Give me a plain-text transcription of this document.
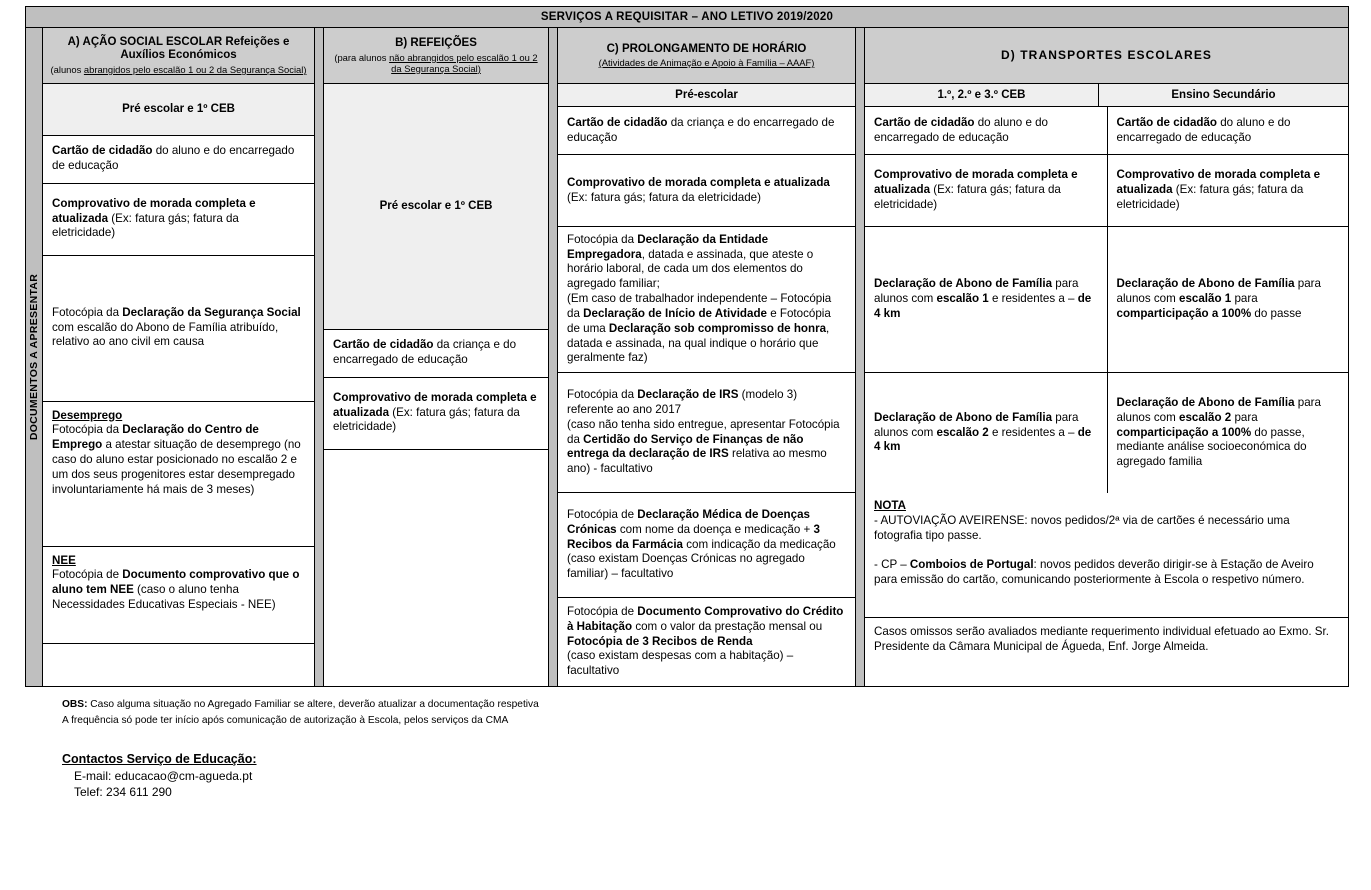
SERVIÇOS A REQUISITAR – ANO LETIVO 2019/2020
DOCUMENTOS A APRESENTAR
A) AÇÃO SOCIAL ESCOLAR Refeições e Auxílios Económicos
(alunos abrangidos pelo escalão 1 ou 2 da Segurança Social)
Pré escolar e 1º CEB

Cartão de cidadão do aluno e do encarregado de educação

Comprovativo de morada completa e atualizada (Ex: fatura gás; fatura da eletricidade)

Fotocópia da Declaração da Segurança Social com escalão do Abono de Família atribuído, relativo ao ano civil em causa

Desemprego

Fotocópia da Declaração do Centro de Emprego a atestar situação de desemprego (no caso do aluno estar posicionado no escalão 2 e um dos seus progenitores estar desempregado involuntariamente há mais de 3 meses)

NEE

Fotocópia de Documento comprovativo que o aluno tem NEE (caso o aluno tenha Necessidades Educativas Especiais - NEE)

B) REFEIÇÕES
(para alunos não abrangidos pelo escalão 1 ou 2 da Segurança Social)
Pré escolar e 1º CEB

Cartão de cidadão da criança e do encarregado de educação

Comprovativo de morada completa e atualizada (Ex: fatura gás; fatura da eletricidade)

C) PROLONGAMENTO DE HORÁRIO
(Atividades de Animação e Apoio à Família – AAAF)
Pré-escolar

Cartão de cidadão da criança e do encarregado de educação

Comprovativo de morada completa e atualizada (Ex: fatura gás; fatura da eletricidade)

Fotocópia da Declaração da Entidade Empregadora, datada e assinada, que ateste o horário laboral, de cada um dos elementos do agregado familiar;
(Em caso de trabalhador independente – Fotocópia da Declaração de Início de Atividade e Fotocópia de uma Declaração sob compromisso de honra, datada e assinada, na qual indique o horário que geralmente faz)

Fotocópia da Declaração de IRS (modelo 3) referente ao ano 2017
(caso não tenha sido entregue, apresentar Fotocópia da Certidão do Serviço de Finanças de não entrega da declaração de IRS relativa ao mesmo ano) - facultativo

Fotocópia de Declaração Médica de Doenças Crónicas com nome da doença e medicação + 3 Recibos da Farmácia com indicação da medicação (caso existam Doenças Crónicas no agregado familiar) – facultativo

Fotocópia de Documento Comprovativo do Crédito à Habitação com o valor da prestação mensal ou Fotocópia de 3 Recibos de Renda
(caso existam despesas com a habitação) – facultativo

D) TRANSPORTES ESCOLARES
1.º, 2.º e 3.º CEB	Ensino Secundário

Cartão de cidadão do aluno e do encarregado de educação

Comprovativo de morada completa e atualizada (Ex: fatura gás; fatura da eletricidade)

Declaração de Abono de Família para alunos com escalão 1 e residentes a – de 4 km

Declaração de Abono de Família para alunos com escalão 2 e residentes a – de 4 km

Cartão de cidadão do aluno e do encarregado de educação

Comprovativo de morada completa e atualizada (Ex: fatura gás; fatura da eletricidade)

Declaração de Abono de Família para alunos com escalão 1 para comparticipação a 100% do passe

Declaração de Abono de Família para alunos com escalão 2 para comparticipação a 100% do passe, mediante análise socioeconómica do agregado familia

NOTA

- AUTOVIAÇÃO AVEIRENSE: novos pedidos/2ª via de cartões é necessário uma fotografia tipo passe.

- CP – Comboios de Portugal: novos pedidos deverão dirigir-se à Estação de Aveiro para emissão do cartão, comunicando posteriormente à Escola o respetivo número.

Casos omissos serão avaliados mediante requerimento individual efetuado ao Exmo. Sr. Presidente da Câmara Municipal de Águeda, Enf. Jorge Almeida.

OBS: Caso alguma situação no Agregado Familiar se altere, deverão atualizar a documentação respetiva
A frequência só pode ter início após comunicação de autorização à Escola, pelos serviços da CMA
Contactos Serviço de Educação:
E-mail: educacao@cm-agueda.pt
Telef: 234 611 290
